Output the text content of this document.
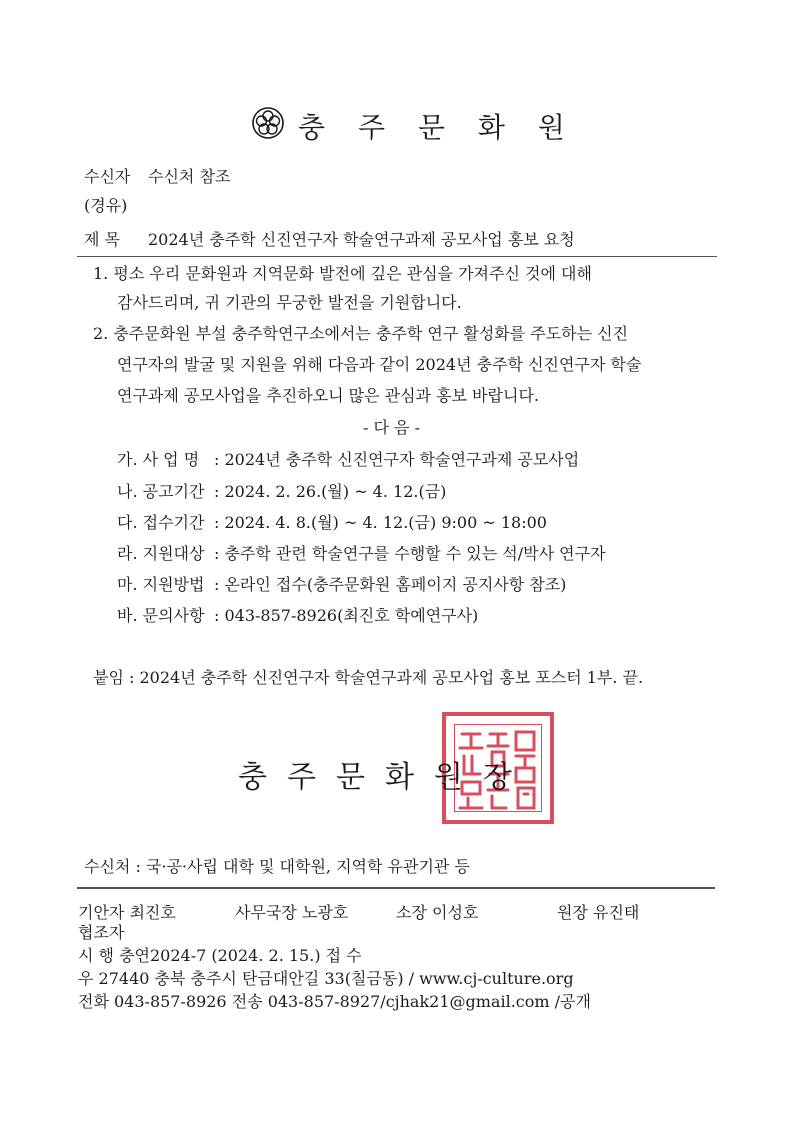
충 주 문 화 원
수신자 수신처 참조
(경유)
제 목 2024년 충주학 신진연구자 학술연구과제 공모사업 홍보 요청
1. 평소 우리 문화원과 지역문화 발전에 깊은 관심을 가져주신 것에 대해
감사드리며, 귀 기관의 무궁한 발전을 기원합니다.
2. 충주문화원 부설 충주학연구소에서는 충주학 연구 활성화를 주도하는 신진
연구자의 발굴 및 지원을 위해 다음과 같이 2024년 충주학 신진연구자 학술
연구과제 공모사업을 추진하오니 많은 관심과 홍보 바랍니다.
- 다 음 -
가. 사 업 명 : 2024년 충주학 신진연구자 학술연구과제 공모사업
나. 공고기간 : 2024. 2. 26.(월) ~ 4. 12.(금)
다. 접수기간 : 2024. 4. 8.(월) ~ 4. 12.(금) 9:00 ~ 18:00
라. 지원대상 : 충주학 관련 학술연구를 수행할 수 있는 석/박사 연구자
마. 지원방법 : 온라인 접수(충주문화원 홈페이지 공지사항 참조)
바. 문의사항 : 043-857-8926(최진호 학예연구사)
붙임 : 2024년 충주학 신진연구자 학술연구과제 공모사업 홍보 포스터 1부. 끝.
충주문화원장
수신처 : 국·공·사립 대학 및 대학원, 지역학 유관기관 등
기안자 최진호	사무국장 노광호	소장 이성호	원장 유진태
협조자
시 행 충연2024-7 (2024. 2. 15.) 접 수
우 27440 충북 충주시 탄금대안길 33(칠금동) / www.cj-culture.org
전화 043-857-8926 전송 043-857-8927/cjhak21@gmail.com /공개
